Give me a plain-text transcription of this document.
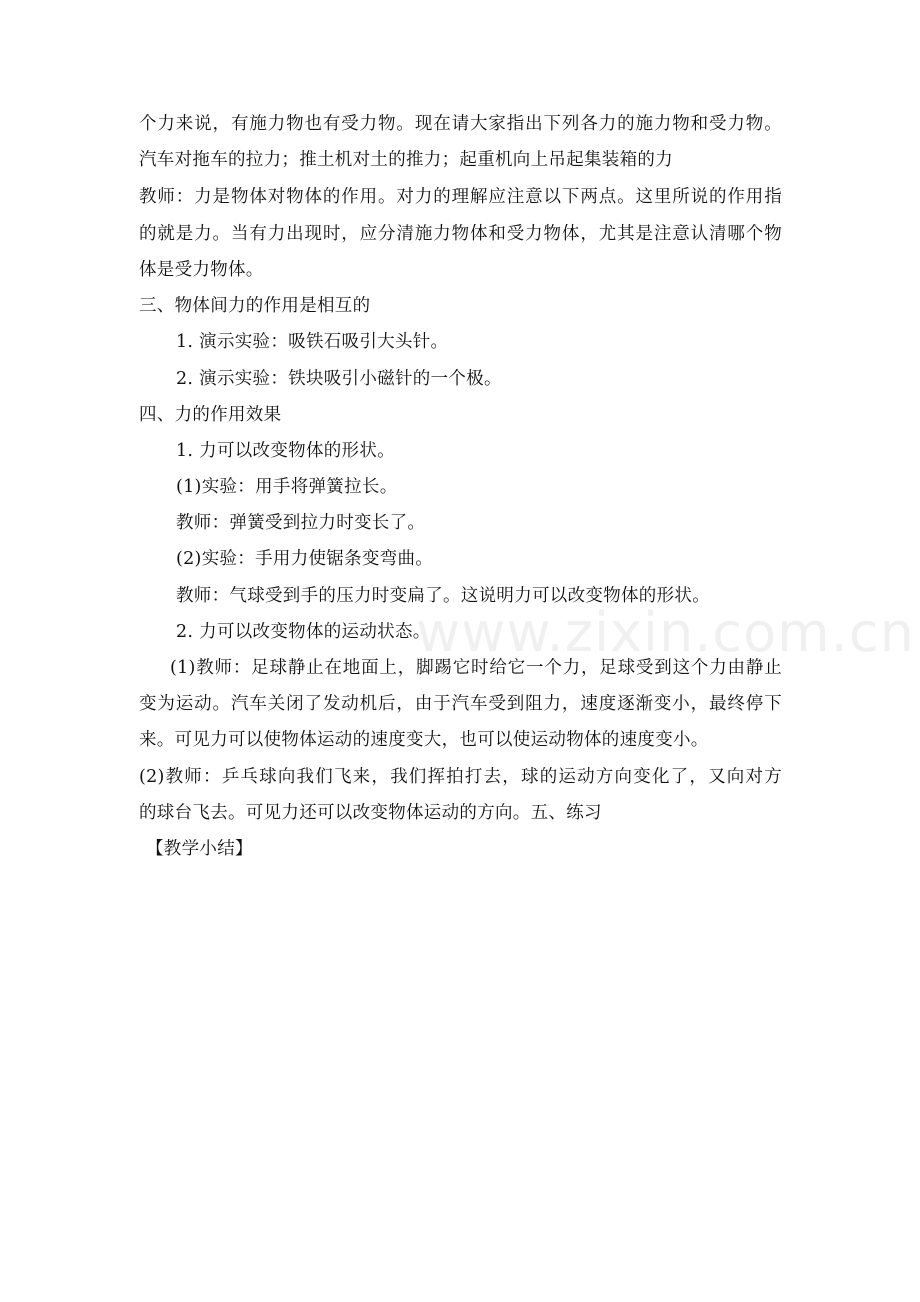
个力来说，有施力物也有受力物。现在请大家指出下列各力的施力物和受力物。
汽车对拖车的拉力；推土机对土的推力；起重机向上吊起集装箱的力
教师：力是物体对物体的作用。对力的理解应注意以下两点。这里所说的作用指
的就是力。当有力出现时，应分清施力物体和受力物体，尤其是注意认清哪个物
体是受力物体。
三、物体间力的作用是相互的
1. 演示实验：吸铁石吸引大头针。
2. 演示实验：铁块吸引小磁针的一个极。
四、力的作用效果
1. 力可以改变物体的形状。
(1)实验：用手将弹簧拉长。
教师：弹簧受到拉力时变长了。
(2)实验：手用力使锯条变弯曲。
教师：气球受到手的压力时变扁了。这说明力可以改变物体的形状。
2. 力可以改变物体的运动状态。
(1)教师：足球静止在地面上，脚踢它时给它一个力，足球受到这个力由静止
变为运动。汽车关闭了发动机后，由于汽车受到阻力，速度逐渐变小，最终停下
来。可见力可以使物体运动的速度变大，也可以使运动物体的速度变小。
(2)教师：乒乓球向我们飞来，我们挥拍打去，球的运动方向变化了，又向对方
的球台飞去。可见力还可以改变物体运动的方向。五、练习
【教学小结】
www.zixin.com.cn
